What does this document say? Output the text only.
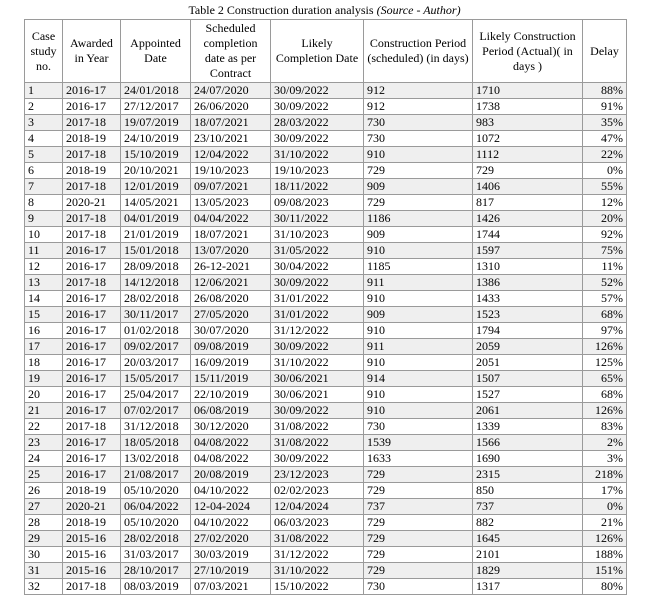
Table 2 Construction duration analysis (Source - Author)
Case study no.	Awarded in Year	Appointed Date	Scheduled completion date as per Contract	Likely Completion Date	Construction Period (scheduled) (in days)	Likely Construction Period (Actual)( in days )	Delay
1	2016-17	24/01/2018	24/07/2020	30/09/2022	912	1710	88%
2	2016-17	27/12/2017	26/06/2020	30/09/2022	912	1738	91%
3	2017-18	19/07/2019	18/07/2021	28/03/2022	730	983	35%
4	2018-19	24/10/2019	23/10/2021	30/09/2022	730	1072	47%
5	2017-18	15/10/2019	12/04/2022	31/10/2022	910	1112	22%
6	2018-19	20/10/2021	19/10/2023	19/10/2023	729	729	0%
7	2017-18	12/01/2019	09/07/2021	18/11/2022	909	1406	55%
8	2020-21	14/05/2021	13/05/2023	09/08/2023	729	817	12%
9	2017-18	04/01/2019	04/04/2022	30/11/2022	1186	1426	20%
10	2017-18	21/01/2019	18/07/2021	31/10/2023	909	1744	92%
11	2016-17	15/01/2018	13/07/2020	31/05/2022	910	1597	75%
12	2016-17	28/09/2018	26-12-2021	30/04/2022	1185	1310	11%
13	2017-18	14/12/2018	12/06/2021	30/09/2022	911	1386	52%
14	2016-17	28/02/2018	26/08/2020	31/01/2022	910	1433	57%
15	2016-17	30/11/2017	27/05/2020	31/01/2022	909	1523	68%
16	2016-17	01/02/2018	30/07/2020	31/12/2022	910	1794	97%
17	2016-17	09/02/2017	09/08/2019	30/09/2022	911	2059	126%
18	2016-17	20/03/2017	16/09/2019	31/10/2022	910	2051	125%
19	2016-17	15/05/2017	15/11/2019	30/06/2021	914	1507	65%
20	2016-17	25/04/2017	22/10/2019	30/06/2021	910	1527	68%
21	2016-17	07/02/2017	06/08/2019	30/09/2022	910	2061	126%
22	2017-18	31/12/2018	30/12/2020	31/08/2022	730	1339	83%
23	2016-17	18/05/2018	04/08/2022	31/08/2022	1539	1566	2%
24	2016-17	13/02/2018	04/08/2022	30/09/2022	1633	1690	3%
25	2016-17	21/08/2017	20/08/2019	23/12/2023	729	2315	218%
26	2018-19	05/10/2020	04/10/2022	02/02/2023	729	850	17%
27	2020-21	06/04/2022	12-04-2024	12/04/2024	737	737	0%
28	2018-19	05/10/2020	04/10/2022	06/03/2023	729	882	21%
29	2015-16	28/02/2018	27/02/2020	31/08/2022	729	1645	126%
30	2015-16	31/03/2017	30/03/2019	31/12/2022	729	2101	188%
31	2015-16	28/10/2017	27/10/2019	31/10/2022	729	1829	151%
32	2017-18	08/03/2019	07/03/2021	15/10/2022	730	1317	80%
